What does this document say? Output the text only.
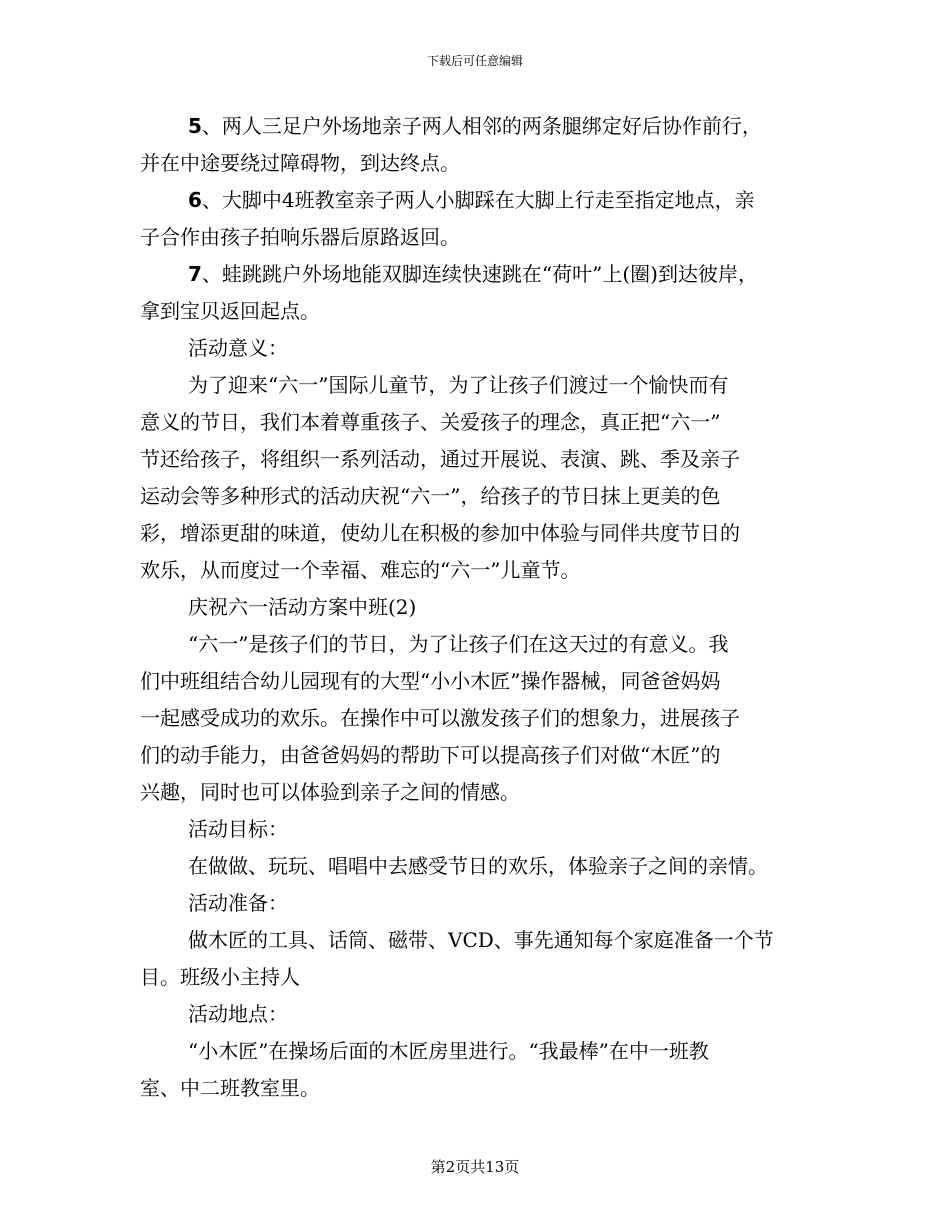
下载后可任意编辑
5、两人三足户外场地亲子两人相邻的两条腿绑定好后协作前行，
并在中途要绕过障碍物，到达终点。
6、大脚中4班教室亲子两人小脚踩在大脚上行走至指定地点，亲
子合作由孩子拍响乐器后原路返回。
7、蛙跳跳户外场地能双脚连续快速跳在“荷叶”上(圈)到达彼岸，
拿到宝贝返回起点。
活动意义：
为了迎来“六一”国际儿童节，为了让孩子们渡过一个愉快而有
意义的节日，我们本着尊重孩子、关爱孩子的理念，真正把“六一”
节还给孩子，将组织一系列活动，通过开展说、表演、跳、季及亲子
运动会等多种形式的活动庆祝“六一”，给孩子的节日抹上更美的色
彩，增添更甜的味道，使幼儿在积极的参加中体验与同伴共度节日的
欢乐，从而度过一个幸福、难忘的“六一”儿童节。
庆祝六一活动方案中班(2)
“六一”是孩子们的节日，为了让孩子们在这天过的有意义。我
们中班组结合幼儿园现有的大型“小小木匠”操作器械，同爸爸妈妈
一起感受成功的欢乐。在操作中可以激发孩子们的想象力，进展孩子
们的动手能力，由爸爸妈妈的帮助下可以提高孩子们对做“木匠”的
兴趣，同时也可以体验到亲子之间的情感。
活动目标：
在做做、玩玩、唱唱中去感受节日的欢乐，体验亲子之间的亲情。
活动准备：
做木匠的工具、话筒、磁带、VCD、事先通知每个家庭准备一个节
目。班级小主持人
活动地点：
“小木匠”在操场后面的木匠房里进行。“我最棒”在中一班教
室、中二班教室里。
第2页共13页
